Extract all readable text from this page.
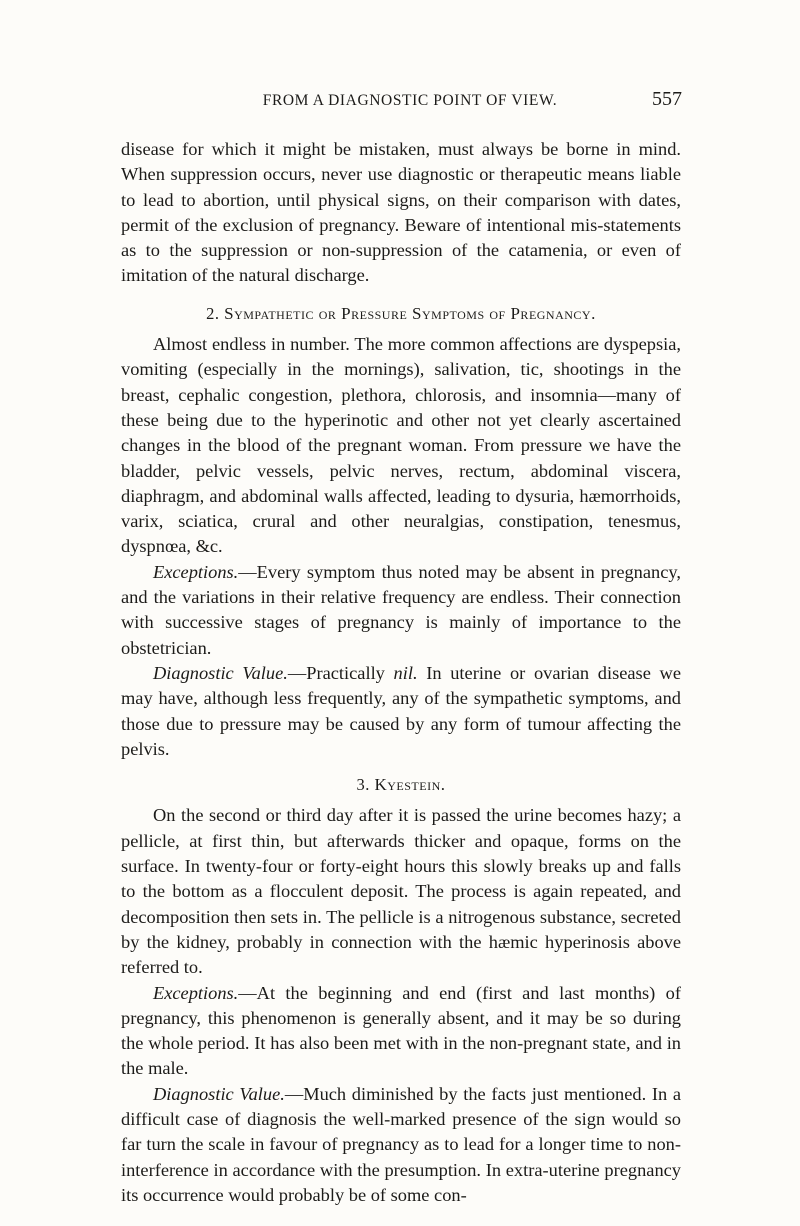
FROM A DIAGNOSTIC POINT OF VIEW.	557

disease for which it might be mistaken, must always be borne in mind. When suppression occurs, never use diagnostic or therapeutic means liable to lead to abortion, until physical signs, on their comparison with dates, permit of the exclusion of pregnancy. Beware of intentional mis-statements as to the suppression or non-suppression of the catamenia, or even of imitation of the natural discharge.

2. Sympathetic or Pressure Symptoms of Pregnancy.

Almost endless in number. The more common affections are dyspepsia, vomiting (especially in the mornings), salivation, tic, shootings in the breast, cephalic congestion, plethora, chlorosis, and insomnia—many of these being due to the hyperinotic and other not yet clearly ascertained changes in the blood of the pregnant woman. From pressure we have the bladder, pelvic vessels, pelvic nerves, rectum, abdominal viscera, diaphragm, and abdominal walls affected, leading to dysuria, hæmorrhoids, varix, sciatica, crural and other neuralgias, constipation, tenesmus, dyspnœa, &c.

Exceptions.—Every symptom thus noted may be absent in pregnancy, and the variations in their relative frequency are endless. Their connection with successive stages of pregnancy is mainly of importance to the obstetrician.

Diagnostic Value.—Practically nil. In uterine or ovarian disease we may have, although less frequently, any of the sympathetic symptoms, and those due to pressure may be caused by any form of tumour affecting the pelvis.

3. Kyestein.

On the second or third day after it is passed the urine becomes hazy; a pellicle, at first thin, but afterwards thicker and opaque, forms on the surface. In twenty-four or forty-eight hours this slowly breaks up and falls to the bottom as a flocculent deposit. The process is again repeated, and decomposition then sets in. The pellicle is a nitrogenous substance, secreted by the kidney, probably in connection with the hæmic hyperinosis above referred to.

Exceptions.—At the beginning and end (first and last months) of pregnancy, this phenomenon is generally absent, and it may be so during the whole period. It has also been met with in the non-pregnant state, and in the male.

Diagnostic Value.—Much diminished by the facts just mentioned. In a difficult case of diagnosis the well-marked presence of the sign would so far turn the scale in favour of pregnancy as to lead for a longer time to non-interference in accordance with the presumption. In extra-uterine pregnancy its occurrence would probably be of some con-
